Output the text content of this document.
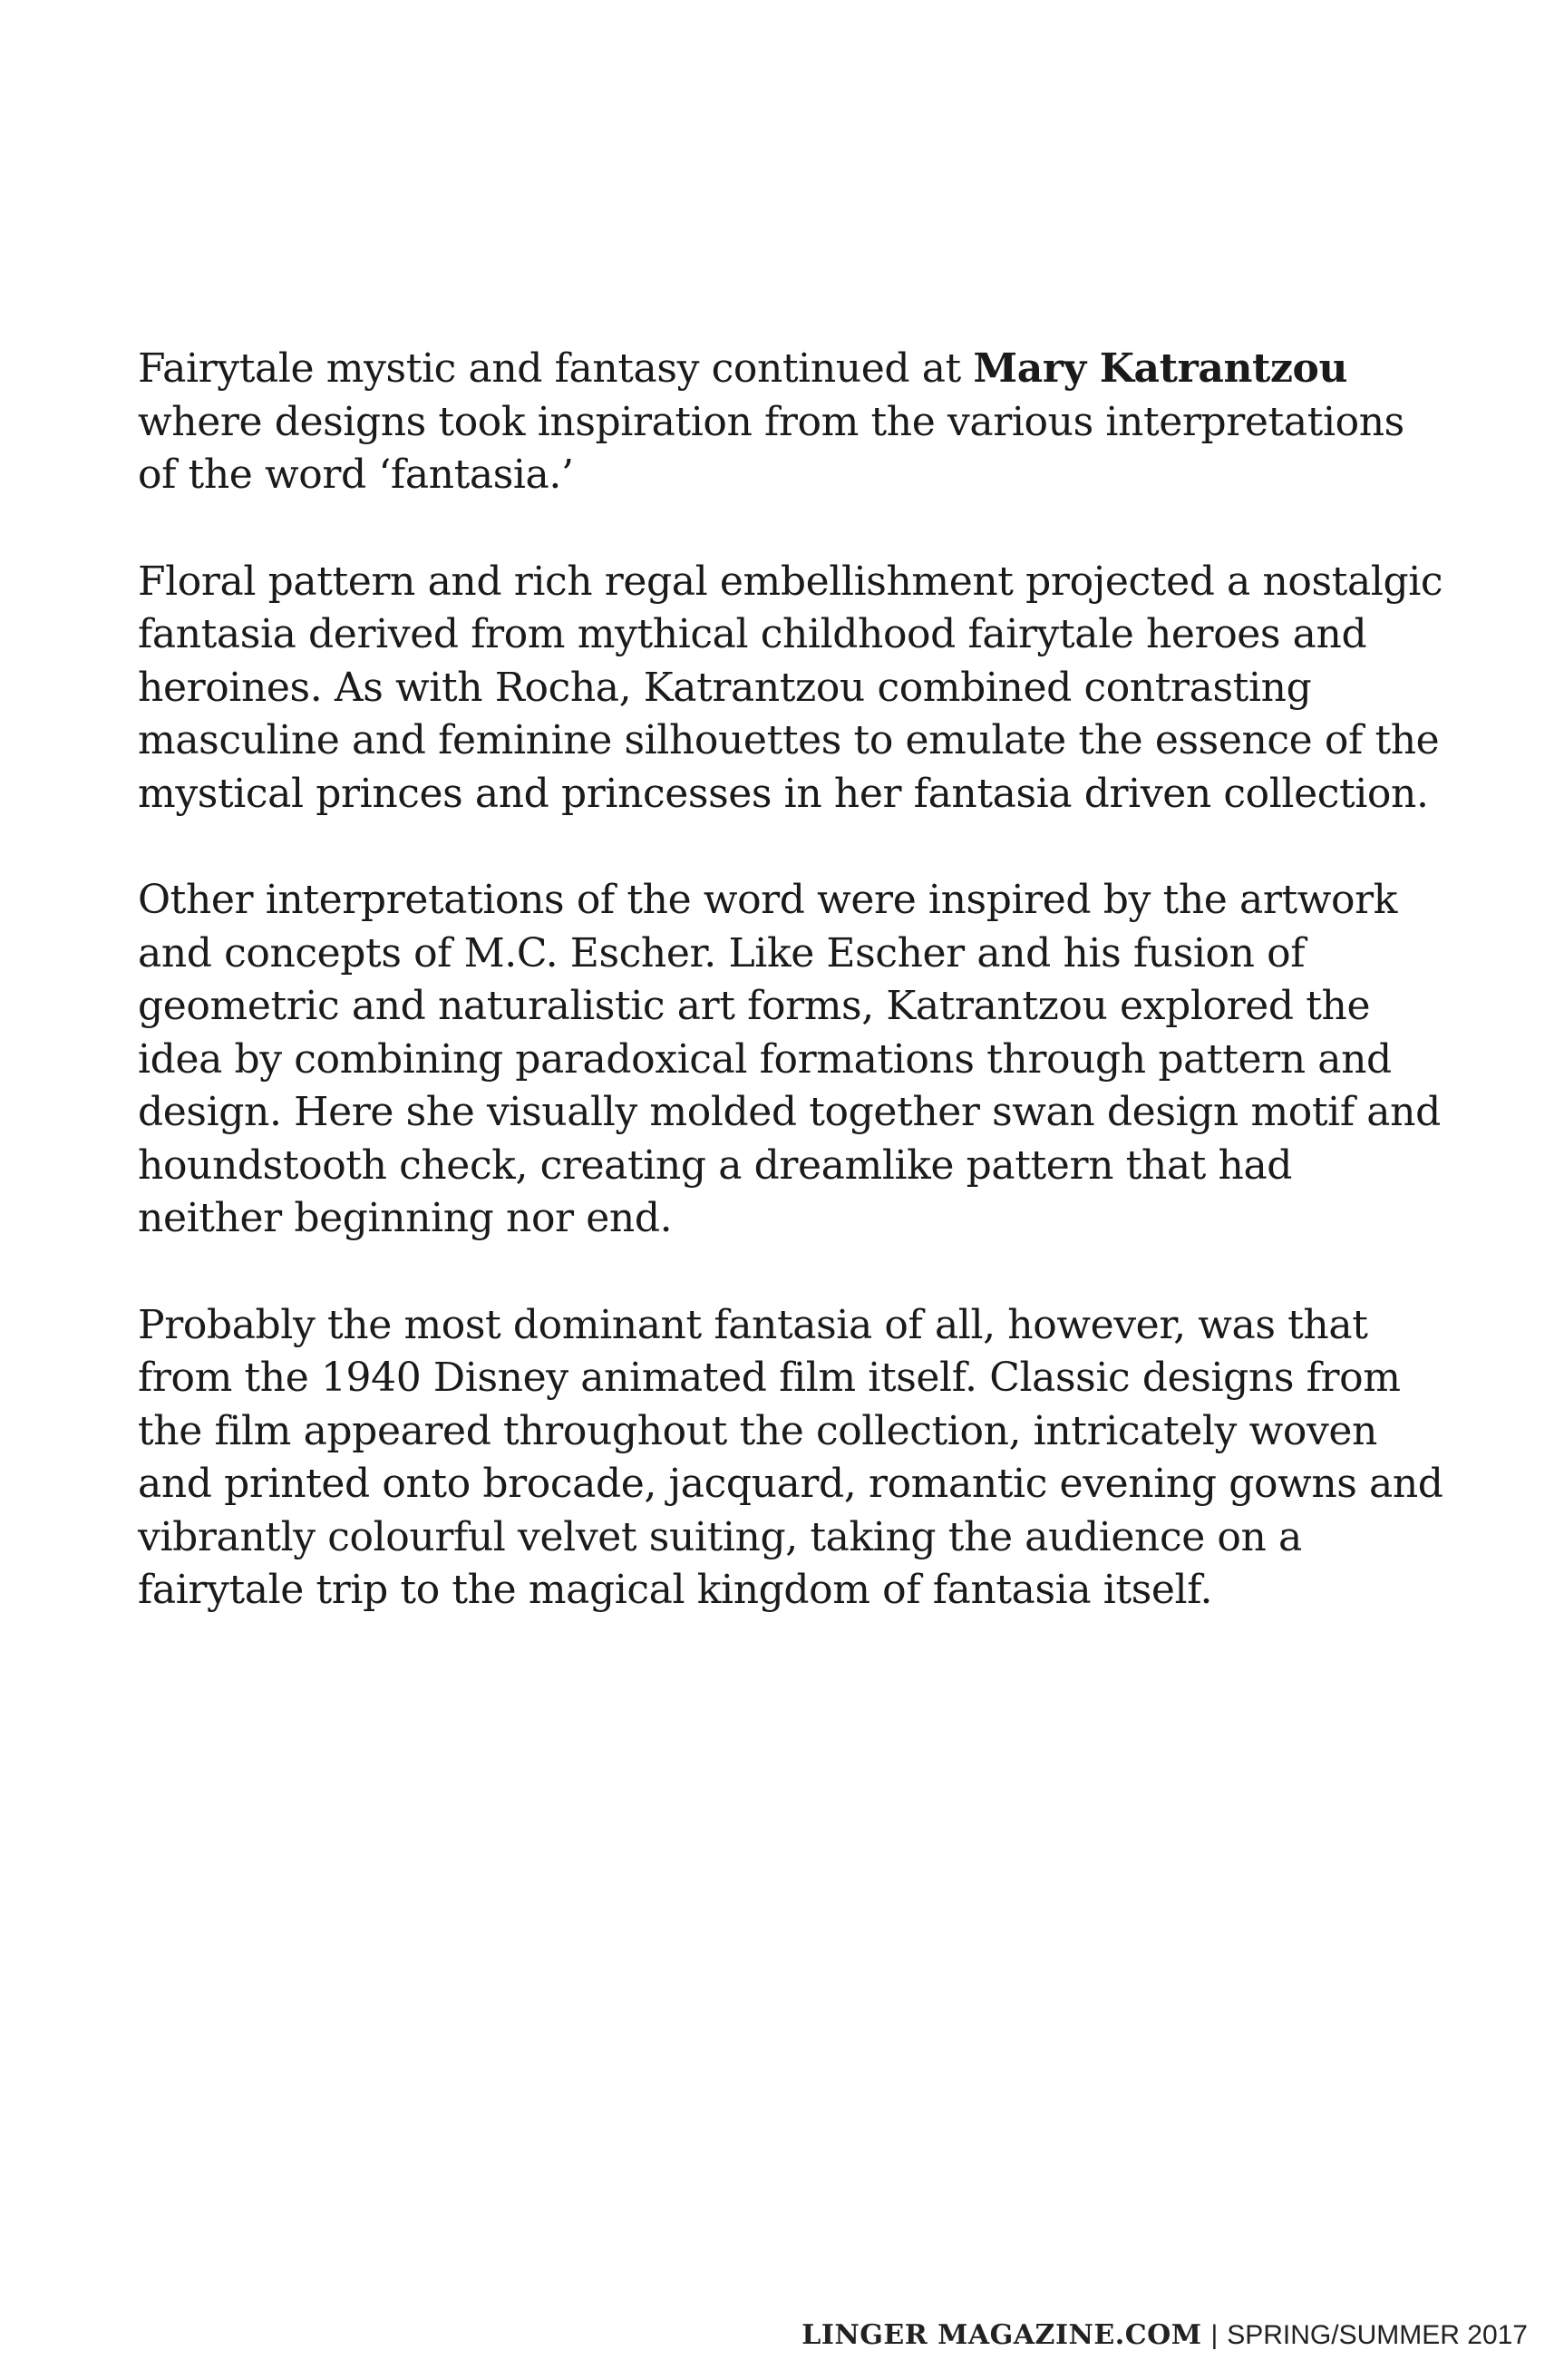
Fairytale mystic and fantasy continued at Mary Katrantzou where designs took inspiration from the various interpretations of the word ‘fantasia.’

Floral pattern and rich regal embellishment projected a nostalgic fantasia derived from mythical childhood fairytale heroes and heroines. As with Rocha, Katrantzou combined contrasting masculine and feminine silhouettes to emulate the essence of the mystical princes and princesses in her fantasia driven collection.

Other interpretations of the word were inspired by the artwork and concepts of M.C. Escher. Like Escher and his fusion of geometric and naturalistic art forms, Katrantzou explored the idea by combining paradoxical formations through pattern and design. Here she visually molded together swan design motif and houndstooth check, creating a dreamlike pattern that had neither beginning nor end.

Probably the most dominant fantasia of all, however, was that from the 1940 Disney animated film itself. Classic designs from the film appeared throughout the collection, intricately woven and printed onto brocade, jacquard, romantic evening gowns and vibrantly colourful velvet suiting, taking the audience on a fairytale trip to the magical kingdom of fantasia itself.

LINGER MAGAZINE.COM | SPRING/SUMMER 2017
